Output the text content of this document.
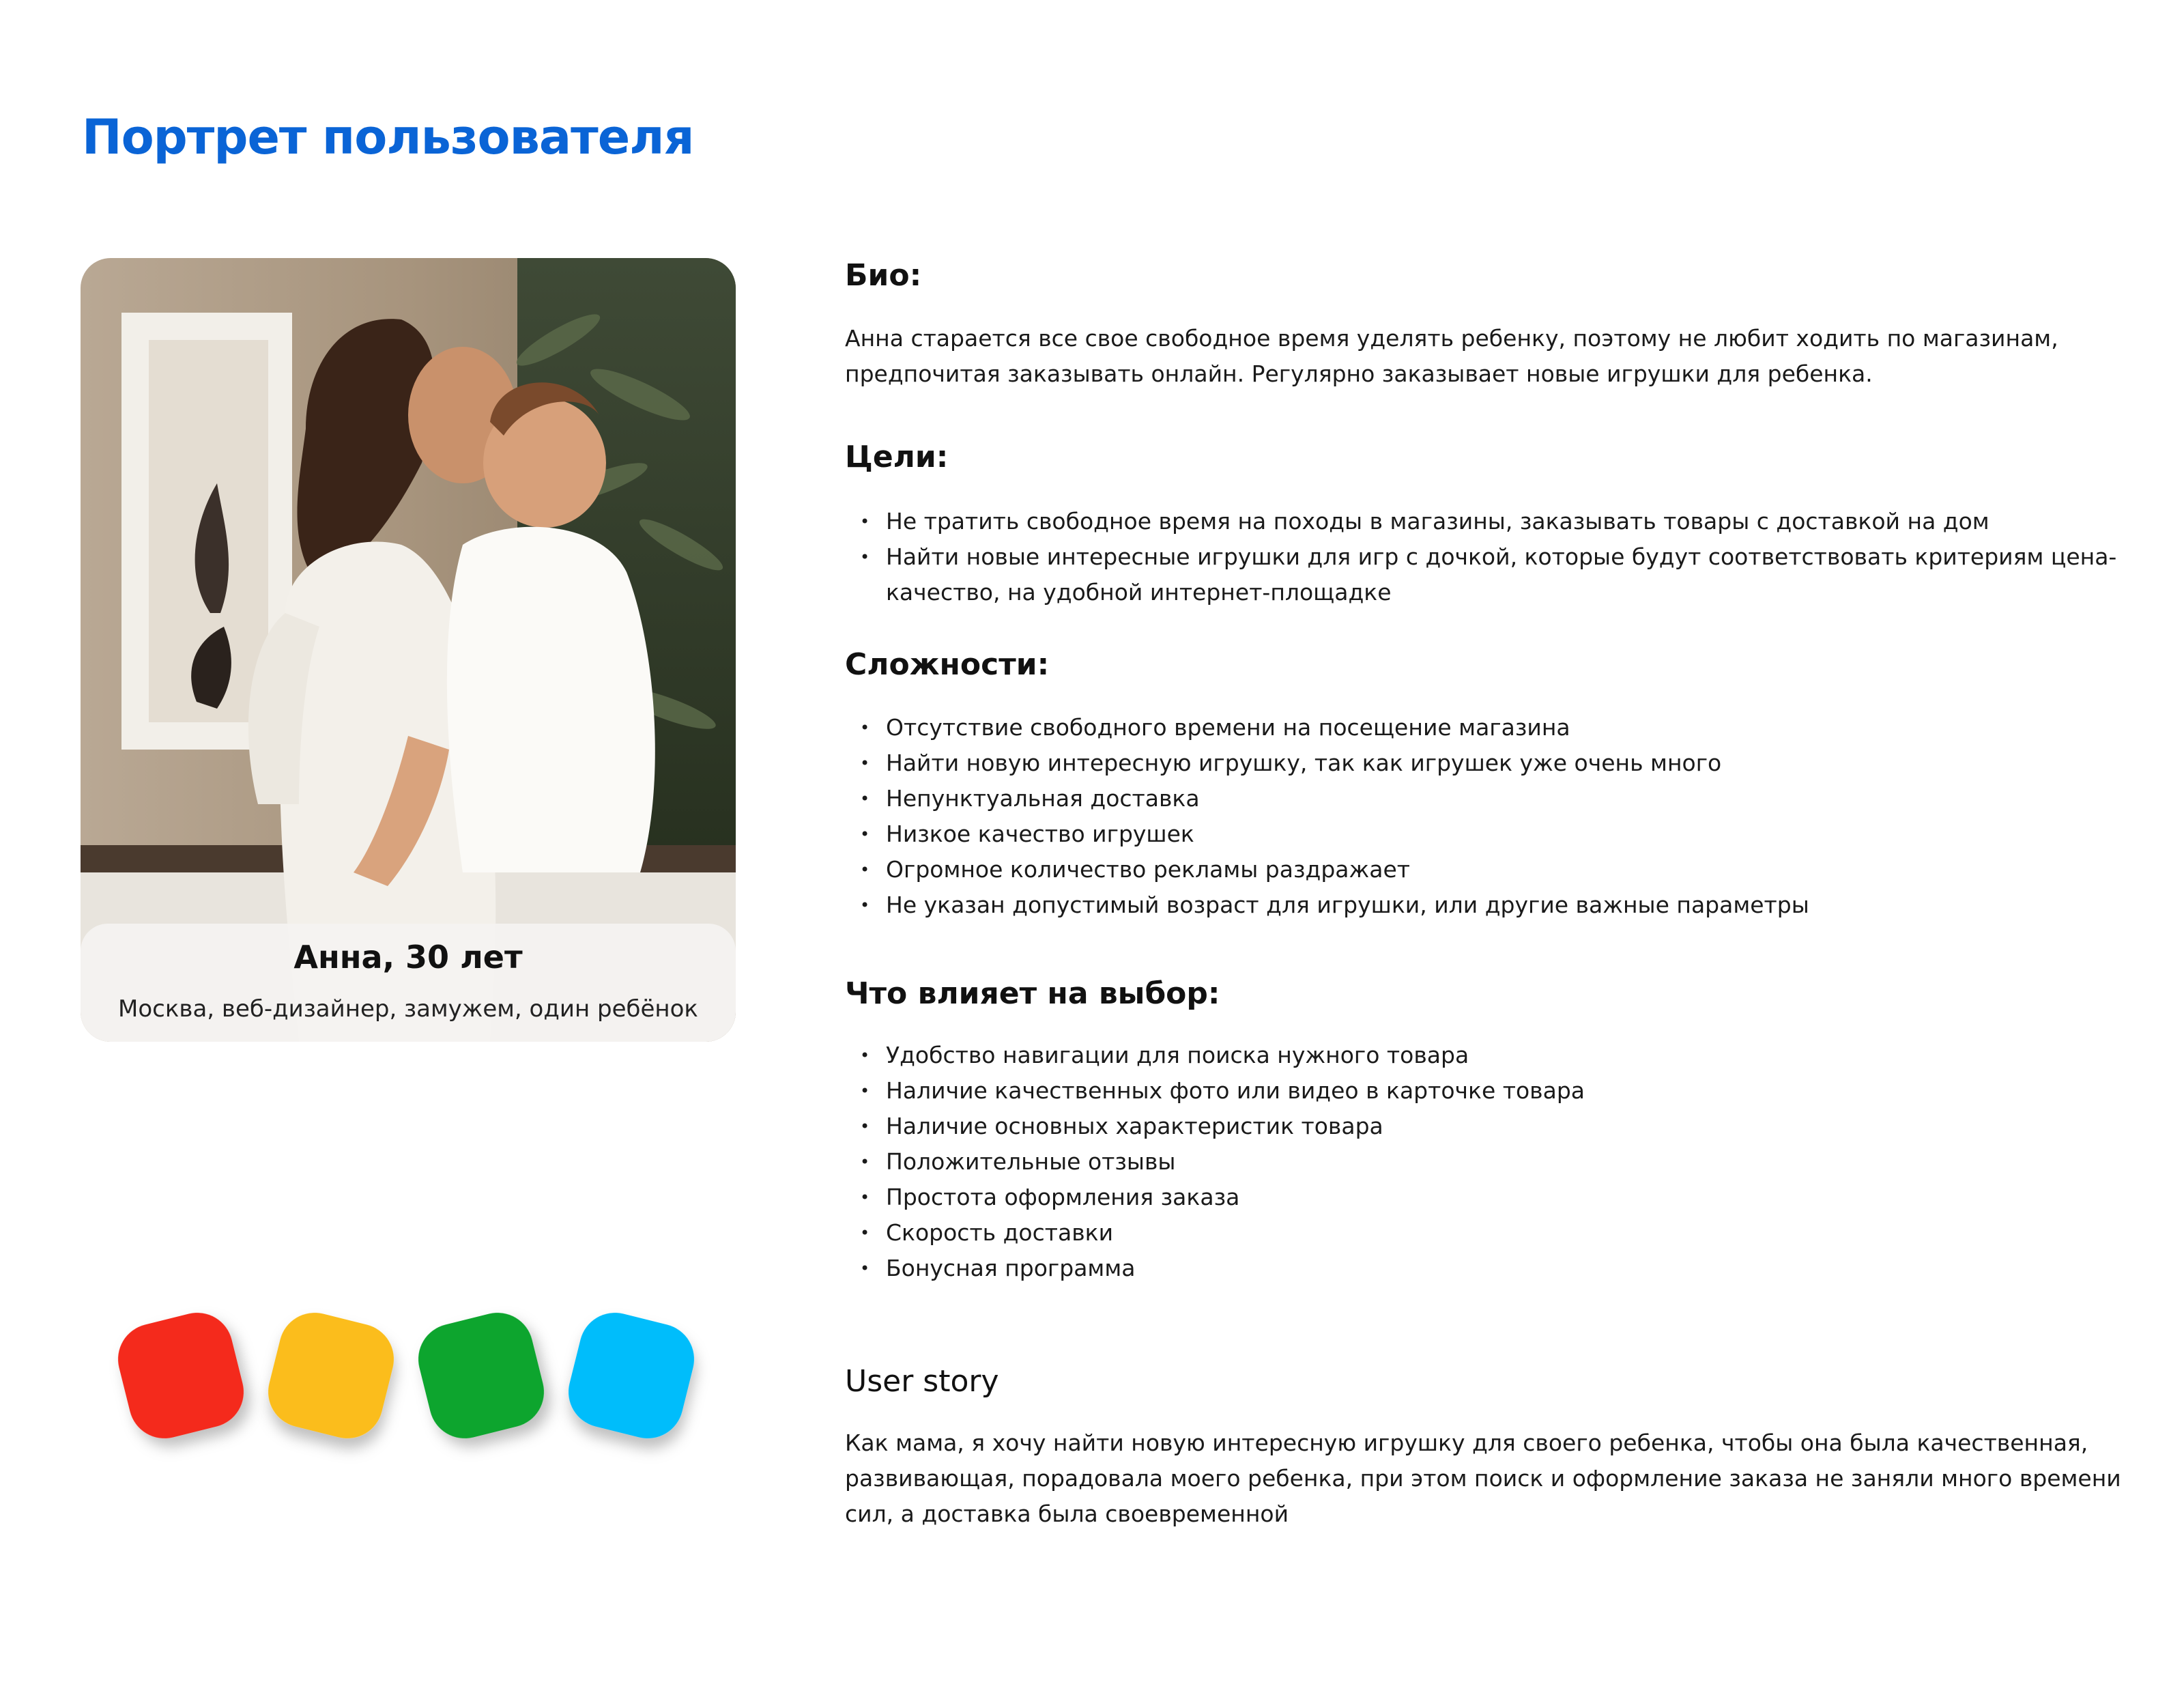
Портрет пользователя
Анна, 30 лет
Москва, веб-дизайнер, замужем, один ребёнок
Био:

Анна старается все свое свободное время уделять ребенку, поэтому не любит ходить по магазинам, предпочитая заказывать онлайн. Регулярно заказывает новые игрушки для ребенка.

Цели:
• Не тратить свободное время на походы в магазины, заказывать товары с доставкой на дом
• Найти новые интересные игрушки для игр с дочкой, которые будут соответствовать критериям цена-качество, на удобной интернет-площадке
Сложности:
• Отсутствие свободного времени на посещение магазина
• Найти новую интересную игрушку, так как игрушек уже очень много
• Непунктуальная доставка
• Низкое качество игрушек
• Огромное количество рекламы раздражает
• Не указан допустимый возраст для игрушки, или другие важные параметры
Что влияет на выбор:
• Удобство навигации для поиска нужного товара
• Наличие качественных фото или видео в карточке товара
• Наличие основных характеристик товара
• Положительные отзывы
• Простота оформления заказа
• Скорость доставки
• Бонусная программа
User story

Как мама, я хочу найти новую интересную игрушку для своего ребенка, чтобы она была качественная, развивающая, порадовала моего ребенка, при этом поиск и оформление заказа не заняли много времени сил, а доставка была своевременной
